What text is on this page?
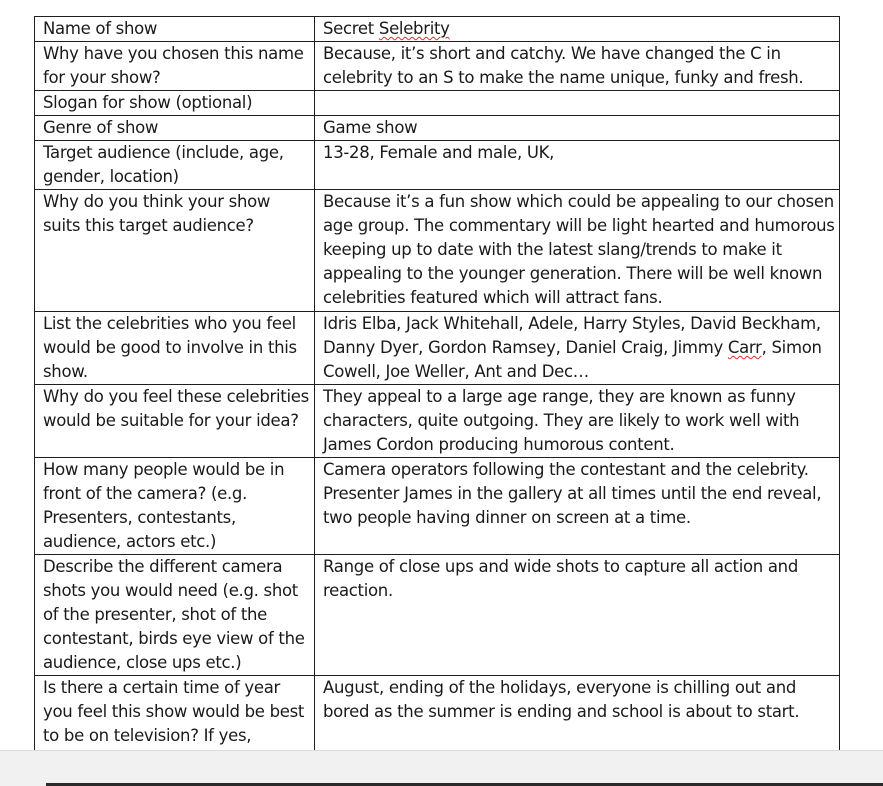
Name of show	Secret Selebrity
Why have you chosen this name for your show?	Because, it’s short and catchy. We have changed the C in celebrity to an S to make the name unique, funky and fresh.
Slogan for show (optional)	
Genre of show	Game show
Target audience (include, age, gender, location)	13-28, Female and male, UK,
Why do you think your show suits this target audience?	Because it’s a fun show which could be appealing to our chosen age group. The commentary will be light hearted and humorous keeping up to date with the latest slang/trends to make it appealing to the younger generation. There will be well known celebrities featured which will attract fans.
List the celebrities who you feel would be good to involve in this show.	Idris Elba, Jack Whitehall, Adele, Harry Styles, David Beckham, Danny Dyer, Gordon Ramsey, Daniel Craig, Jimmy Carr, Simon Cowell, Joe Weller, Ant and Dec…
Why do you feel these celebrities would be suitable for your idea?	They appeal to a large age range, they are known as funny characters, quite outgoing. They are likely to work well with James Cordon producing humorous content.
How many people would be in front of the camera? (e.g. Presenters, contestants, audience, actors etc.)	Camera operators following the contestant and the celebrity. Presenter James in the gallery at all times until the end reveal, two people having dinner on screen at a time.
Describe the different camera shots you would need (e.g. shot of the presenter, shot of the contestant, birds eye view of the audience, close ups etc.)	Range of close ups and wide shots to capture all action and reaction.
Is there a certain time of year you feel this show would be best to be on television? If yes,	August, ending of the holidays, everyone is chilling out and bored as the summer is ending and school is about to start.
